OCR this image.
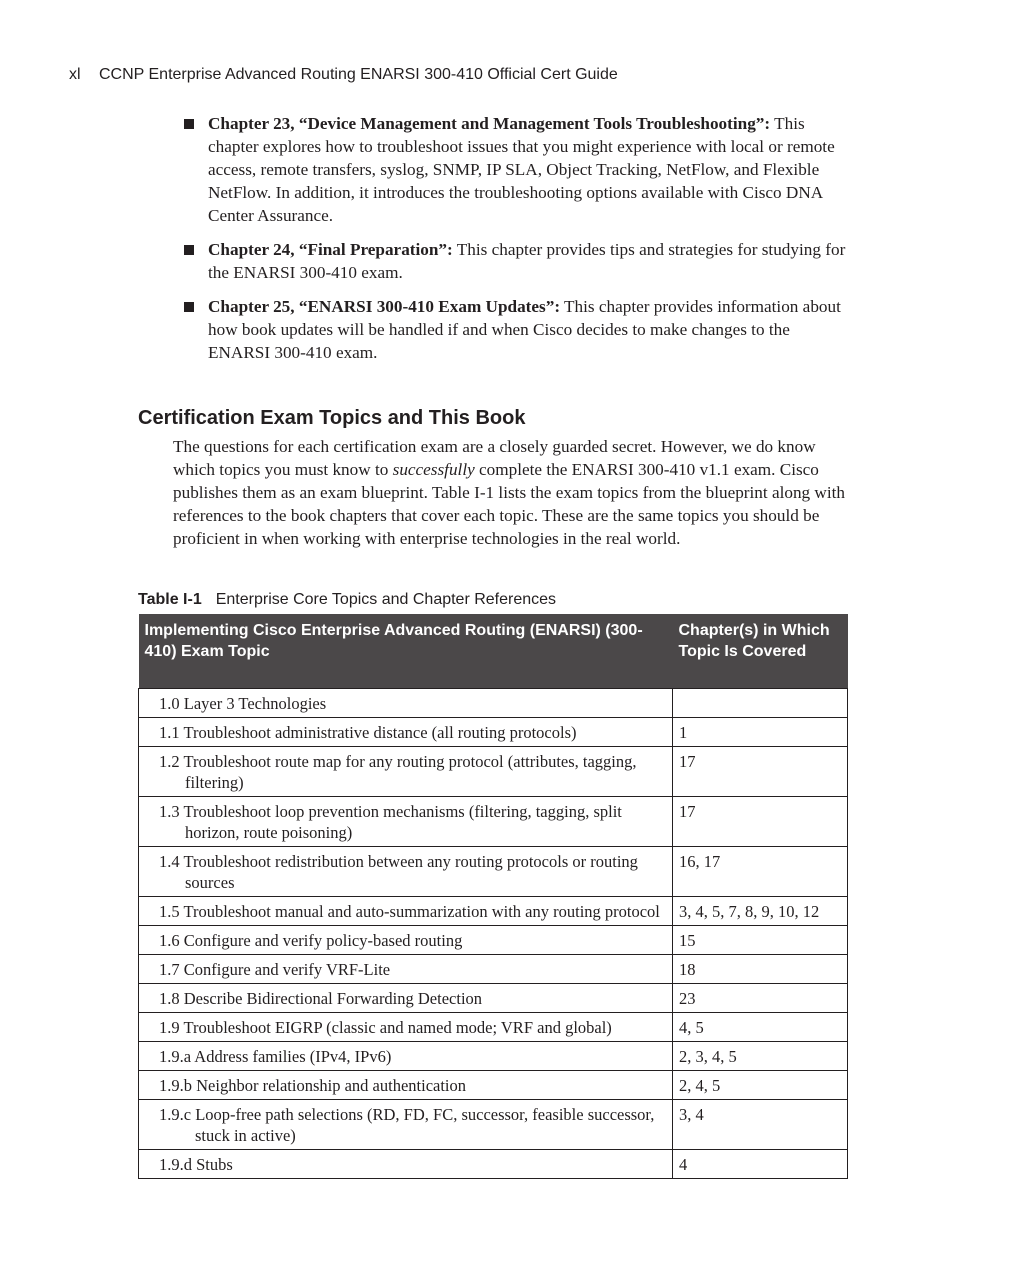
xl CCNP Enterprise Advanced Routing ENARSI 300-410 Official Cert Guide
Chapter 23, “Device Management and Management Tools Troubleshooting”: This chapter explores how to troubleshoot issues that you might experience with local or remote access, remote transfers, syslog, SNMP, IP SLA, Object Tracking, NetFlow, and Flexible NetFlow. In addition, it introduces the troubleshooting options available with Cisco DNA Center Assurance.
Chapter 24, “Final Preparation”: This chapter provides tips and strategies for studying for the ENARSI 300-410 exam.
Chapter 25, “ENARSI 300-410 Exam Updates”: This chapter provides information about how book updates will be handled if and when Cisco decides to make changes to the ENARSI 300-410 exam.
Certification Exam Topics and This Book

The questions for each certification exam are a closely guarded secret. However, we do know which topics you must know to successfully complete the ENARSI 300-410 v1.1 exam. Cisco publishes them as an exam blueprint. Table I-1 lists the exam topics from the blueprint along with references to the book chapters that cover each topic. These are the same topics you should be proficient in when working with enterprise technologies in the real world.

Table I-1 Enterprise Core Topics and Chapter References
Implementing Cisco Enterprise Advanced Routing (ENARSI) (300-410) Exam Topic	Chapter(s) in Which Topic Is Covered

1.0 Layer 3 Technologies	

1.1 Troubleshoot administrative distance (all routing protocols)	1

1.2 Troubleshoot route map for any routing protocol (attributes, tagging, filtering)	17

1.3 Troubleshoot loop prevention mechanisms (filtering, tagging, split horizon, route poisoning)	17

1.4 Troubleshoot redistribution between any routing protocols or routing sources	16, 17

1.5 Troubleshoot manual and auto-summarization with any routing protocol	3, 4, 5, 7, 8, 9, 10, 12

1.6 Configure and verify policy-based routing	15

1.7 Configure and verify VRF-Lite	18

1.8 Describe Bidirectional Forwarding Detection	23

1.9 Troubleshoot EIGRP (classic and named mode; VRF and global)	4, 5

1.9.a Address families (IPv4, IPv6)	2, 3, 4, 5

1.9.b Neighbor relationship and authentication	2, 4, 5

1.9.c Loop-free path selections (RD, FD, FC, successor, feasible successor, stuck in active)	3, 4

1.9.d Stubs	4
